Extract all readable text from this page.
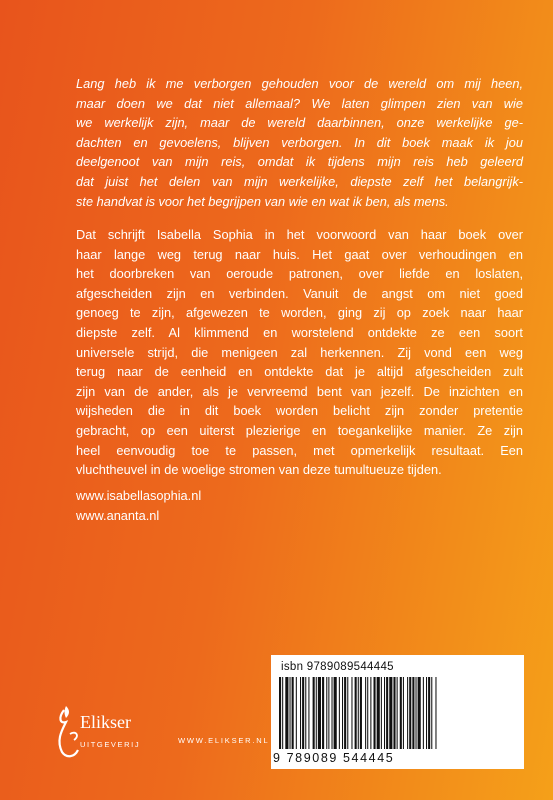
Lang heb ik me verborgen gehouden voor de wereld om mij heen,
maar doen we dat niet allemaal? We laten glimpen zien van wie
we werkelijk zijn, maar de wereld daarbinnen, onze werkelijke ge-
dachten en gevoelens, blijven verborgen. In dit boek maak ik jou
deelgenoot van mijn reis, omdat ik tijdens mijn reis heb geleerd
dat juist het delen van mijn werkelijke, diepste zelf het belangrijk-
ste handvat is voor het begrijpen van wie en wat ik ben, als mens.

Dat schrijft Isabella Sophia in het voorwoord van haar boek over
haar lange weg terug naar huis. Het gaat over verhoudingen en
het doorbreken van oeroude patronen, over liefde en loslaten,
afgescheiden zijn en verbinden. Vanuit de angst om niet goed
genoeg te zijn, afgewezen te worden, ging zij op zoek naar haar
diepste zelf. Al klimmend en worstelend ontdekte ze een soort
universele strijd, die menigeen zal herkennen. Zij vond een weg
terug naar de eenheid en ontdekte dat je altijd afgescheiden zult
zijn van de ander, als je vervreemd bent van jezelf. De inzichten en
wijsheden die in dit boek worden belicht zijn zonder pretentie
gebracht, op een uiterst plezierige en toegankelijke manier. Ze zijn
heel eenvoudig toe te passen, met opmerkelijk resultaat. Een
vluchtheuvel in de woelige stromen van deze tumultueuze tijden.

www.isabellasophia.nl
www.ananta.nl
isbn 9789089544445
9 789089 544445
Elikser
UITGEVERIJ	WWW.ELIKSER.NL
